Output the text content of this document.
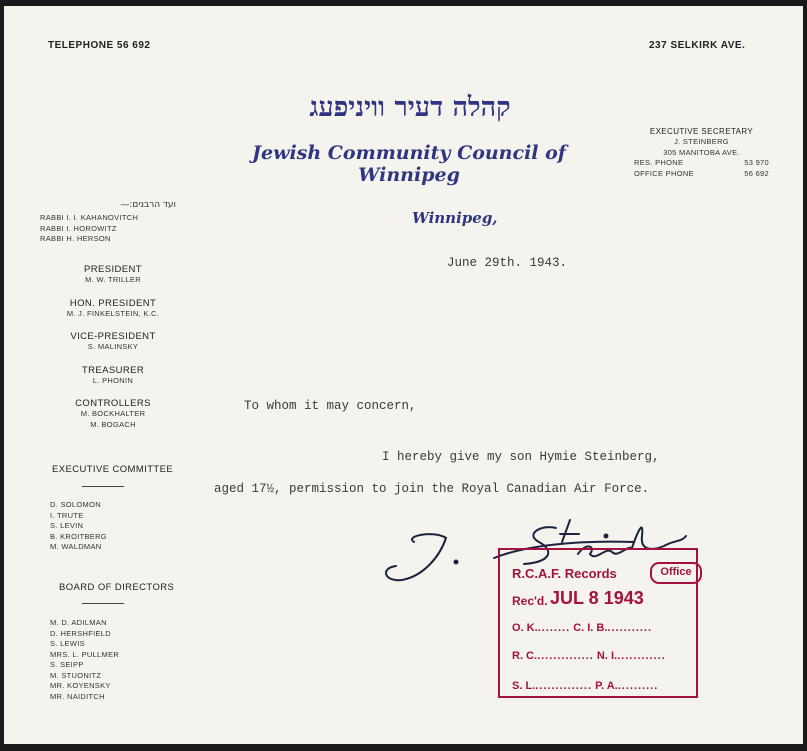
TELEPHONE 56 692	237 SELKIRK AVE.
קהלה דעיר וויניפעג
Jewish Community Council of Winnipeg
EXECUTIVE SECRETARY
J. STEINBERG
305 MANITOBA AVE.
RES. PHONE	53 970
OFFICE PHONE	56 692
ועד הרבנים:—
RABBI I. I. KAHANOVITCH
RABBI I. HOROWITZ
RABBI H. HERSON
PRESIDENT
M. W. TRILLER
HON. PRESIDENT
M. J. FINKELSTEIN, K.C.
VICE-PRESIDENT
S. MALINSKY
TREASURER
L. PHONIN
CONTROLLERS
M. BOCKHALTER
M. BOGACH
EXECUTIVE COMMITTEE
D. SOLOMON
I. TRUTE
S. LEVIN
B. KROITBERG
M. WALDMAN
BOARD OF DIRECTORS
M. D. ADILMAN
D. HERSHFIELD
S. LEWIS
MRS. L. PULLMER
S. SEIPP
M. STUONITZ
MR. KOYENSKY
MR. NAIDITCH
Winnipeg,
June 29th. 1943.
To whom it may concern,
I hereby give my son Hymie Steinberg,
aged 17½, permission to join the Royal Canadian Air Force.
R.C.A.F. Records	Office
Rec'd. JUL 8 1943
O. K......... C. I. B............
R. C............... N. I.............
S. L............... P. A...........
